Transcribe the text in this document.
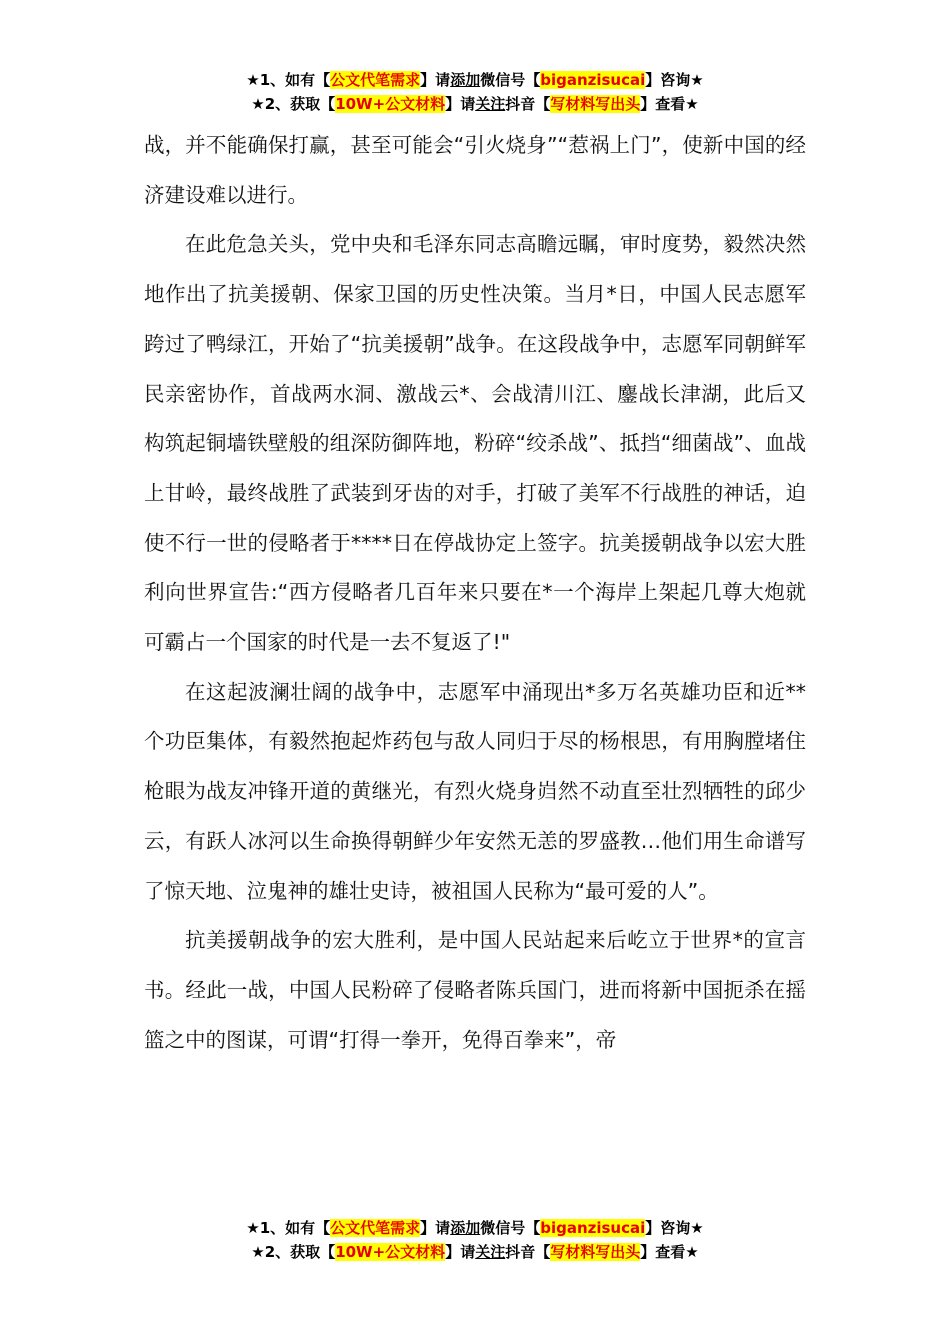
★1、如有【公文代笔需求】请添加微信号【biganzisucai】咨询★
★2、获取【10W+公文材料】请关注抖音【写材料写出头】查看★

战，并不能确保打赢，甚至可能会“引火烧身”“惹祸上门”，使新中国的经济建设难以进行。

在此危急关头，党中央和毛泽东同志高瞻远瞩，审时度势，毅然决然地作出了抗美援朝、保家卫国的历史性决策。当月*日，中国人民志愿军跨过了鸭绿江，开始了“抗美援朝”战争。在这段战争中，志愿军同朝鲜军民亲密协作，首战两水洞、激战云*、会战清川江、鏖战长津湖，此后又构筑起铜墙铁壁般的组深防御阵地，粉碎“绞杀战”、抵挡“细菌战”、血战上甘岭，最终战胜了武装到牙齿的对手，打破了美军不行战胜的神话，迫使不行一世的侵略者于****日在停战协定上签字。抗美援朝战争以宏大胜利向世界宣告:“西方侵略者几百年来只要在*一个海岸上架起几尊大炮就可霸占一个国家的时代是一去不复返了!"

在这起波澜壮阔的战争中，志愿军中涌现出*多万名英雄功臣和近**个功臣集体，有毅然抱起炸药包与敌人同归于尽的杨根思，有用胸膛堵住枪眼为战友冲锋开道的黄继光，有烈火烧身岿然不动直至壮烈牺牲的邱少云，有跃人冰河以生命换得朝鲜少年安然无恙的罗盛教…他们用生命谱写了惊天地、泣鬼神的雄壮史诗，被祖国人民称为“最可爱的人”。

抗美援朝战争的宏大胜利，是中国人民站起来后屹立于世界*的宣言书。经此一战，中国人民粉碎了侵略者陈兵国门，进而将新中国扼杀在摇篮之中的图谋，可谓“打得一拳开，免得百拳来”，帝

★1、如有【公文代笔需求】请添加微信号【biganzisucai】咨询★
★2、获取【10W+公文材料】请关注抖音【写材料写出头】查看★
